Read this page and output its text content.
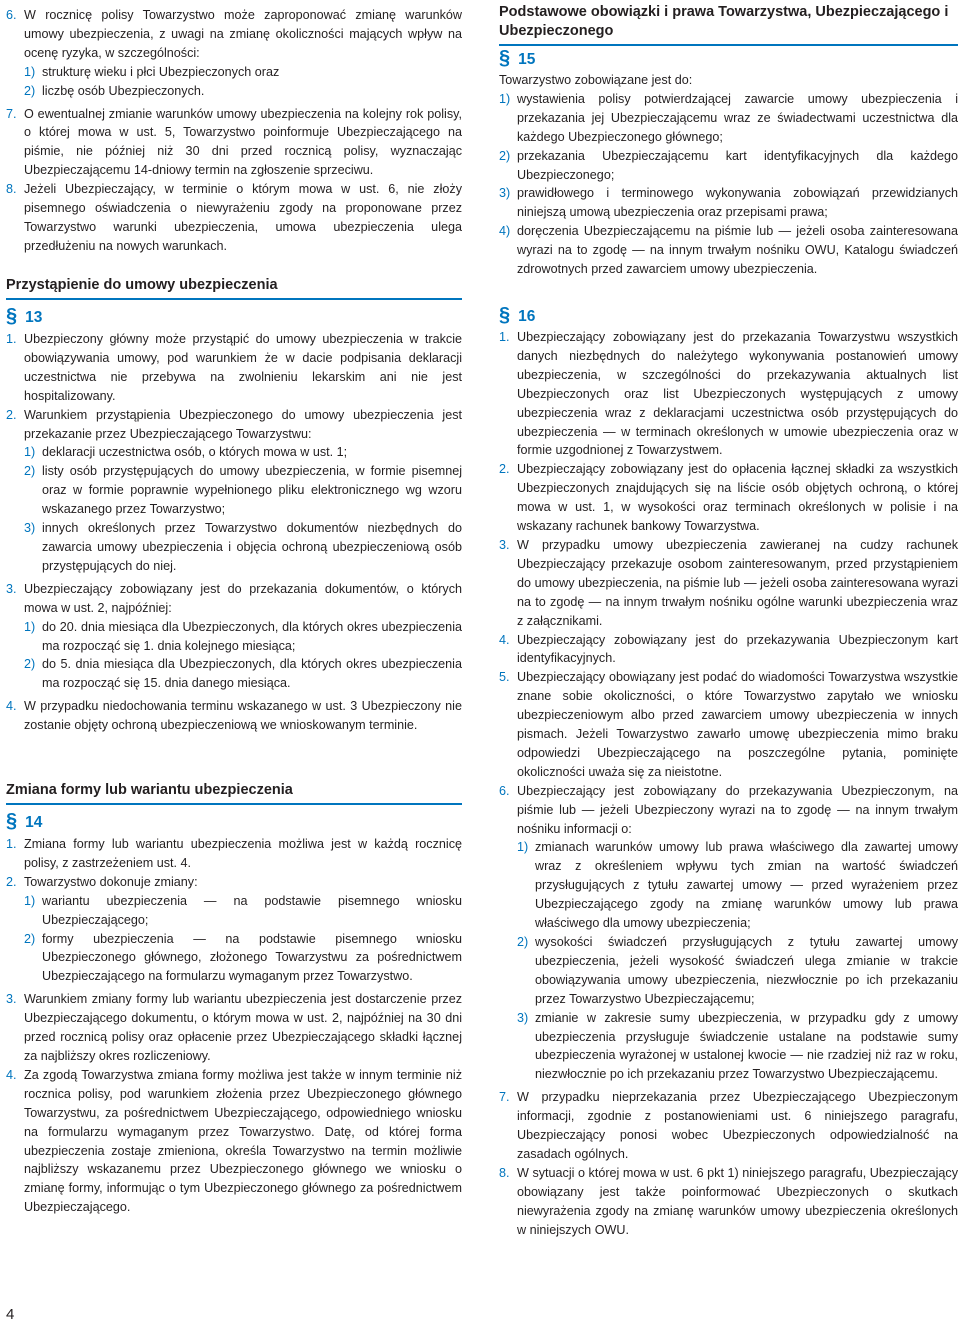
6. W rocznicę polisy Towarzystwo może zaproponować zmianę warunków umowy ubezpieczenia, z uwagi na zmianę okoliczności mających wpływ na ocenę ryzyka, w szczególności:
1) strukturę wieku i płci Ubezpieczonych oraz
2) liczbę osób Ubezpieczonych.
7. O ewentualnej zmianie warunków umowy ubezpieczenia na kolejny rok polisy, o której mowa w ust. 5, Towarzystwo poinformuje Ubezpieczającego na piśmie, nie później niż 30 dni przed rocznicą polisy, wyznaczając Ubezpieczającemu 14-dniowy termin na zgłoszenie sprzeciwu.
8. Jeżeli Ubezpieczający, w terminie o którym mowa w ust. 6, nie złoży pisemnego oświadczenia o niewyrażeniu zgody na proponowane przez Towarzystwo warunki ubezpieczenia, umowa ubezpieczenia ulega przedłużeniu na nowych warunkach.
Przystąpienie do umowy ubezpieczenia
§ 13
1. Ubezpieczony główny może przystąpić do umowy ubezpieczenia w trakcie obowiązywania umowy, pod warunkiem że w dacie podpisania deklaracji uczestnictwa nie przebywa na zwolnieniu lekarskim ani nie jest hospitalizowany.
2. Warunkiem przystąpienia Ubezpieczonego do umowy ubezpieczenia jest przekazanie przez Ubezpieczającego Towarzystwu:
1) deklaracji uczestnictwa osób, o których mowa w ust. 1;
2) listy osób przystępujących do umowy ubezpieczenia, w formie pisemnej oraz w formie poprawnie wypełnionego pliku elektronicznego wg wzoru wskazanego przez Towarzystwo;
3) innych określonych przez Towarzystwo dokumentów niezbędnych do zawarcia umowy ubezpieczenia i objęcia ochroną ubezpieczeniową osób przystępujących do niej.
3. Ubezpieczający zobowiązany jest do przekazania dokumentów, o których mowa w ust. 2, najpóźniej:
1) do 20. dnia miesiąca dla Ubezpieczonych, dla których okres ubezpieczenia ma rozpocząć się 1. dnia kolejnego miesiąca;
2) do 5. dnia miesiąca dla Ubezpieczonych, dla których okres ubezpieczenia ma rozpocząć się 15. dnia danego miesiąca.
4. W przypadku niedochowania terminu wskazanego w ust. 3 Ubezpieczony nie zostanie objęty ochroną ubezpieczeniową we wnioskowanym terminie.
Zmiana formy lub wariantu ubezpieczenia
§ 14
1. Zmiana formy lub wariantu ubezpieczenia możliwa jest w każdą rocznicę polisy, z zastrzeżeniem ust. 4.
2. Towarzystwo dokonuje zmiany:
1) wariantu ubezpieczenia — na podstawie pisemnego wniosku Ubezpieczającego;
2) formy ubezpieczenia — na podstawie pisemnego wniosku Ubezpieczonego głównego, złożonego Towarzystwu za pośrednictwem Ubezpieczającego na formularzu wymaganym przez Towarzystwo.
3. Warunkiem zmiany formy lub wariantu ubezpieczenia jest dostarczenie przez Ubezpieczającego dokumentu, o którym mowa w ust. 2, najpóźniej na 30 dni przed rocznicą polisy oraz opłacenie przez Ubezpieczającego składki łącznej za najbliższy okres rozliczeniowy.
4. Za zgodą Towarzystwa zmiana formy możliwa jest także w innym terminie niż rocznica polisy, pod warunkiem złożenia przez Ubezpieczonego głównego Towarzystwu, za pośrednictwem Ubezpieczającego, odpowiedniego wniosku na formularzu wymaganym przez Towarzystwo. Datę, od której forma ubezpieczenia zostaje zmieniona, określa Towarzystwo na termin możliwie najbliższy wskazanemu przez Ubezpieczonego głównego we wniosku o zmianę formy, informując o tym Ubezpieczonego głównego za pośrednictwem Ubezpieczającego.
Podstawowe obowiązki i prawa Towarzystwa, Ubezpieczającego i Ubezpieczonego
§ 15
Towarzystwo zobowiązane jest do:
1) wystawienia polisy potwierdzającej zawarcie umowy ubezpieczenia i przekazania jej Ubezpieczającemu wraz ze świadectwami uczestnictwa dla każdego Ubezpieczonego głównego;
2) przekazania Ubezpieczającemu kart identyfikacyjnych dla każdego Ubezpieczonego;
3) prawidłowego i terminowego wykonywania zobowiązań przewidzianych niniejszą umową ubezpieczenia oraz przepisami prawa;
4) doręczenia Ubezpieczającemu na piśmie lub — jeżeli osoba zainteresowana wyrazi na to zgodę — na innym trwałym nośniku OWU, Katalogu świadczeń zdrowotnych przed zawarciem umowy ubezpieczenia.
§ 16
1. Ubezpieczający zobowiązany jest do przekazania Towarzystwu wszystkich danych niezbędnych do należytego wykonywania postanowień umowy ubezpieczenia, w szczególności do przekazywania aktualnych list Ubezpieczonych oraz list Ubezpieczonych występujących z umowy ubezpieczenia wraz z deklaracjami uczestnictwa osób przystępujących do ubezpieczenia — w terminach określonych w umowie ubezpieczenia oraz w formie uzgodnionej z Towarzystwem.
2. Ubezpieczający zobowiązany jest do opłacenia łącznej składki za wszystkich Ubezpieczonych znajdujących się na liście osób objętych ochroną, o której mowa w ust. 1, w wysokości oraz terminach określonych w polisie i na wskazany rachunek bankowy Towarzystwa.
3. W przypadku umowy ubezpieczenia zawieranej na cudzy rachunek Ubezpieczający przekazuje osobom zainteresowanym, przed przystąpieniem do umowy ubezpieczenia, na piśmie lub — jeżeli osoba zainteresowana wyrazi na to zgodę — na innym trwałym nośniku ogólne warunki ubezpieczenia wraz z załącznikami.
4. Ubezpieczający zobowiązany jest do przekazywania Ubezpieczonym kart identyfikacyjnych.
5. Ubezpieczający obowiązany jest podać do wiadomości Towarzystwa wszystkie znane sobie okoliczności, o które Towarzystwo zapytało we wniosku ubezpieczeniowym albo przed zawarciem umowy ubezpieczenia w innych pismach. Jeżeli Towarzystwo zawarło umowę ubezpieczenia mimo braku odpowiedzi Ubezpieczającego na poszczególne pytania, pominięte okoliczności uważa się za nieistotne.
6. Ubezpieczający jest zobowiązany do przekazywania Ubezpieczonym, na piśmie lub — jeżeli Ubezpieczony wyrazi na to zgodę — na innym trwałym nośniku informacji o:
1) zmianach warunków umowy lub prawa właściwego dla zawartej umowy wraz z określeniem wpływu tych zmian na wartość świadczeń przysługujących z tytułu zawartej umowy — przed wyrażeniem przez Ubezpieczającego zgody na zmianę warunków umowy lub prawa właściwego dla umowy ubezpieczenia;
2) wysokości świadczeń przysługujących z tytułu zawartej umowy ubezpieczenia, jeżeli wysokość świadczeń ulega zmianie w trakcie obowiązywania umowy ubezpieczenia, niezwłocznie po ich przekazaniu przez Towarzystwo Ubezpieczającemu;
3) zmianie w zakresie sumy ubezpieczenia, w przypadku gdy z umowy ubezpieczenia przysługuje świadczenie ustalane na podstawie sumy ubezpieczenia wyrażonej w ustalonej kwocie — nie rzadziej niż raz w roku, niezwłocznie po ich przekazaniu przez Towarzystwo Ubezpieczającemu.
7. W przypadku nieprzekazania przez Ubezpieczającego Ubezpieczonym informacji, zgodnie z postanowieniami ust. 6 niniejszego paragrafu, Ubezpieczający ponosi wobec Ubezpieczonych odpowiedzialność na zasadach ogólnych.
8. W sytuacji o której mowa w ust. 6 pkt 1) niniejszego paragrafu, Ubezpieczający obowiązany jest także poinformować Ubezpieczonych o skutkach niewyrażenia zgody na zmianę warunków umowy ubezpieczenia określonych w niniejszych OWU.
4
